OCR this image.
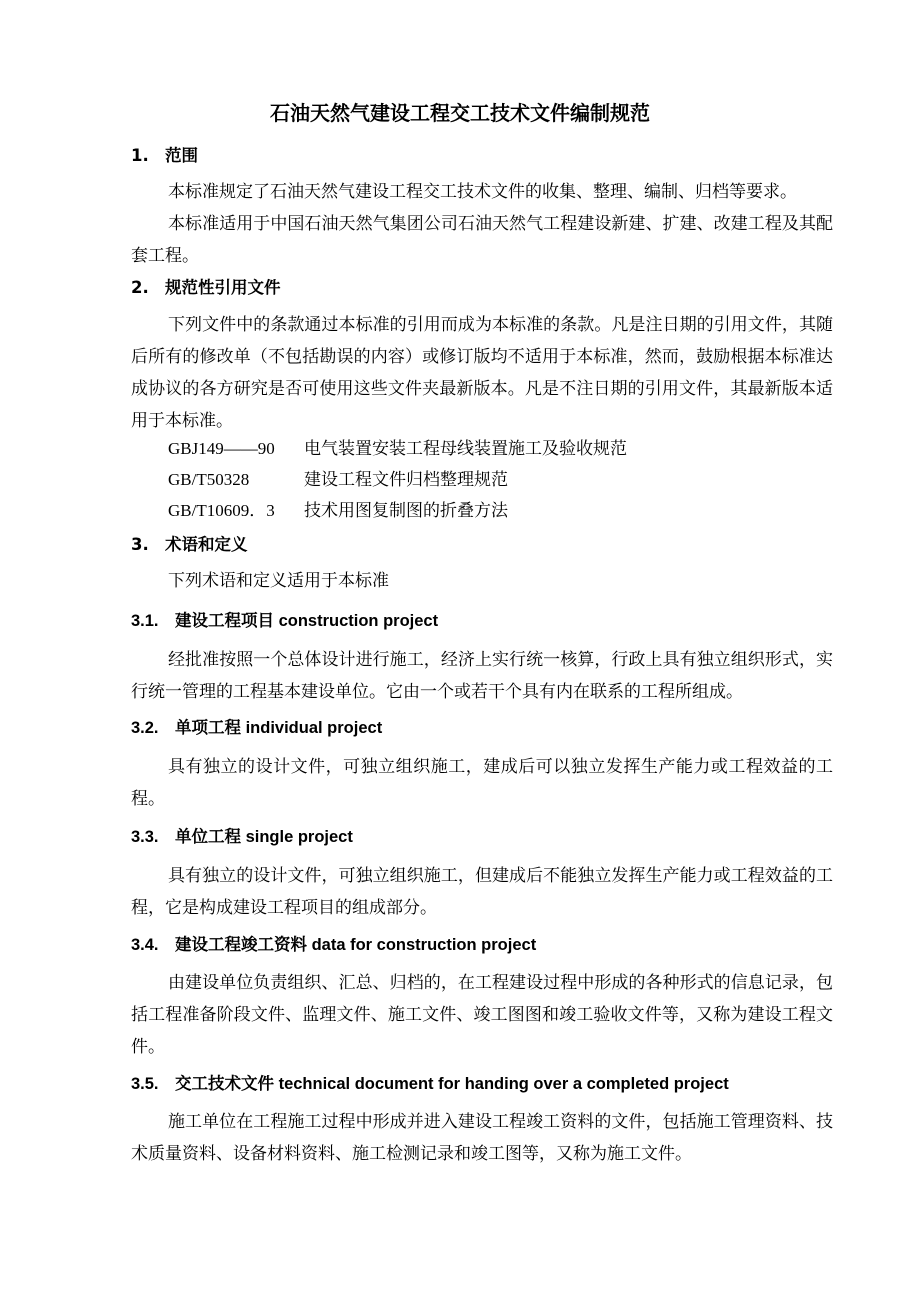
石油天然气建设工程交工技术文件编制规范
1. 范围

本标准规定了石油天然气建设工程交工技术文件的收集、整理、编制、归档等要求。

本标准适用于中国石油天然气集团公司石油天然气工程建设新建、扩建、改建工程及其配套工程。

2. 规范性引用文件

下列文件中的条款通过本标准的引用而成为本标准的条款。凡是注日期的引用文件，其随后所有的修改单（不包括勘误的内容）或修订版均不适用于本标准，然而，鼓励根据本标准达成协议的各方研究是否可使用这些文件夹最新版本。凡是不注日期的引用文件，其最新版本适用于本标准。

GBJ149——90 电气装置安装工程母线装置施工及验收规范
GB/T50328	建设工程文件归档整理规范
GB/T10609．3 技术用图复制图的折叠方法
3. 术语和定义

下列术语和定义适用于本标准

3.1. 建设工程项目 construction project

经批准按照一个总体设计进行施工，经济上实行统一核算，行政上具有独立组织形式，实行统一管理的工程基本建设单位。它由一个或若干个具有内在联系的工程所组成。

3.2. 单项工程 individual project

具有独立的设计文件，可独立组织施工，建成后可以独立发挥生产能力或工程效益的工程。

3.3. 单位工程 single project

具有独立的设计文件，可独立组织施工，但建成后不能独立发挥生产能力或工程效益的工程，它是构成建设工程项目的组成部分。

3.4. 建设工程竣工资料 data for construction project

由建设单位负责组织、汇总、归档的，在工程建设过程中形成的各种形式的信息记录，包括工程准备阶段文件、监理文件、施工文件、竣工图图和竣工验收文件等，又称为建设工程文件。

3.5. 交工技术文件 technical document for handing over a completed project

施工单位在工程施工过程中形成并进入建设工程竣工资料的文件，包括施工管理资料、技术质量资料、设备材料资料、施工检测记录和竣工图等，又称为施工文件。
